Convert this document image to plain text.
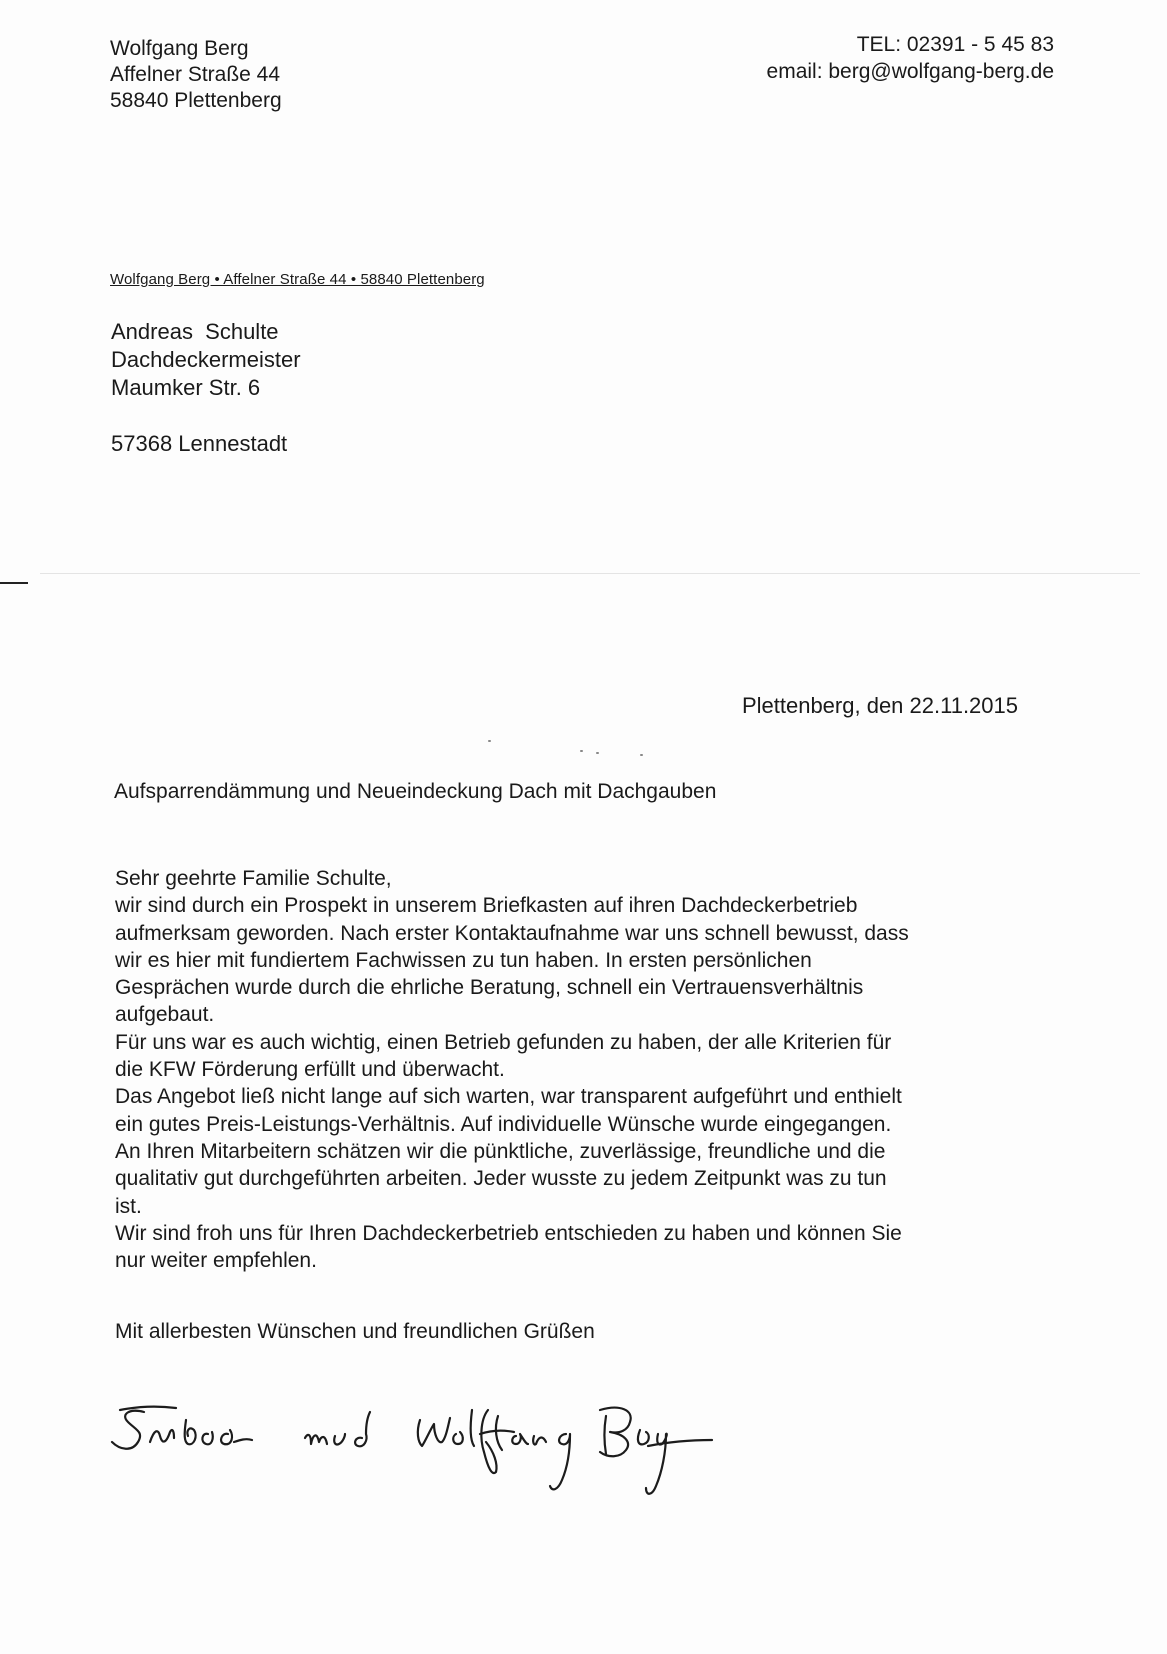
Wolfgang Berg
Affelner Straße 44
58840 Plettenberg
TEL: 02391 - 5 45 83
email: berg@wolfgang-berg.de
Wolfgang Berg • Affelner Straße 44 • 58840 Plettenberg
Andreas  Schulte
Dachdeckermeister
Maumker Str. 6
57368 Lennestadt
Plettenberg, den 22.11.2015
Aufsparrendämmung und Neueindeckung Dach mit Dachgauben
Sehr geehrte Familie Schulte,
wir sind durch ein Prospekt in unserem Briefkasten auf ihren Dachdeckerbetrieb
aufmerksam geworden. Nach erster Kontaktaufnahme war uns schnell bewusst, dass
wir es hier mit fundiertem Fachwissen zu tun haben. In ersten persönlichen
Gesprächen wurde durch die ehrliche Beratung, schnell ein Vertrauensverhältnis
aufgebaut.
Für uns war es auch wichtig, einen Betrieb gefunden zu haben, der alle Kriterien für
die KFW Förderung erfüllt und überwacht.
Das Angebot ließ nicht lange auf sich warten, war transparent aufgeführt und enthielt
ein gutes Preis-Leistungs-Verhältnis. Auf individuelle Wünsche wurde eingegangen.
An Ihren Mitarbeitern schätzen wir die pünktliche, zuverlässige, freundliche und die
qualitativ gut durchgeführten arbeiten. Jeder wusste zu jedem Zeitpunkt was zu tun
ist.
Wir sind froh uns für Ihren Dachdeckerbetrieb entschieden zu haben und können Sie
nur weiter empfehlen.
Mit allerbesten Wünschen und freundlichen Grüßen
